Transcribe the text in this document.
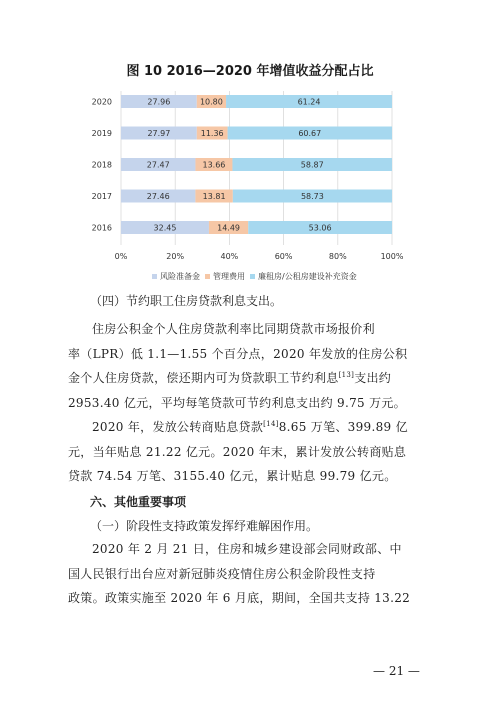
图 10 2016—2020 年增值收益分配占比
0%	20%	40%	60%	80%	100%
2020	27.96	10.80	61.24
2019	27.97	11.36	60.67
2018	27.47	13.66	58.87
2017	27.46	13.81	58.73
2016	32.45	14.49	53.06
风险准备金 管理费用 廉租房/公租房建设补充资金
（四）节约职工住房贷款利息支出。
住房公积金个人住房贷款利率比同期贷款市场报价利
率（LPR）低 1.1—1.55 个百分点，2020 年发放的住房公积
金个人住房贷款，偿还期内可为贷款职工节约利息[13]支出约
2953.40 亿元，平均每笔贷款可节约利息支出约 9.75 万元。
2020 年，发放公转商贴息贷款[14]8.65 万笔、399.89 亿
元，当年贴息 21.22 亿元。2020 年末，累计发放公转商贴息
贷款 74.54 万笔、3155.40 亿元，累计贴息 99.79 亿元。
六、其他重要事项
（一）阶段性支持政策发挥纾难解困作用。
2020 年 2 月 21 日，住房和城乡建设部会同财政部、中
国人民银行出台应对新冠肺炎疫情住房公积金阶段性支持
政策。政策实施至 2020 年 6 月底，期间，全国共支持 13.22
— 21 —
